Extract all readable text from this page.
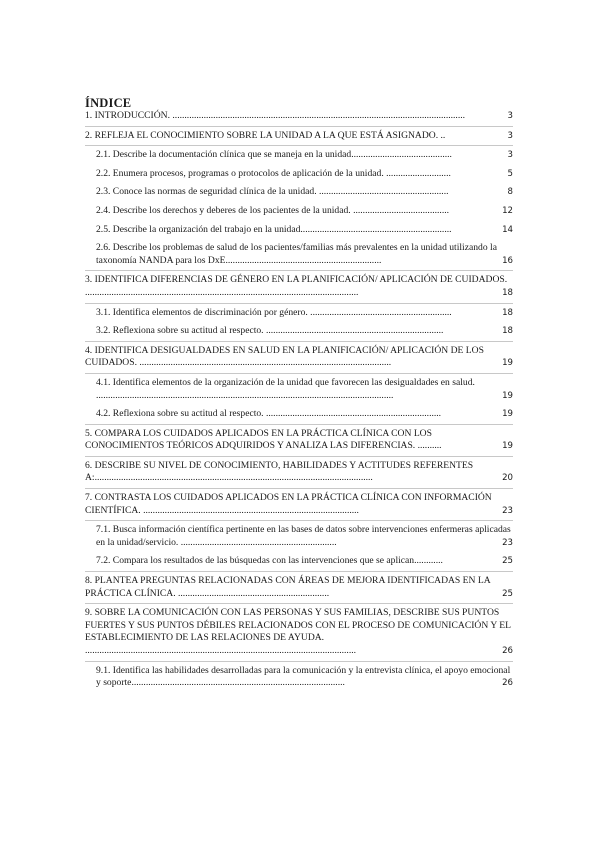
ÍNDICE
1. INTRODUCCIÓN. ..........................................................................................................................	3
2. REFLEJA EL CONOCIMIENTO SOBRE LA UNIDAD A LA QUE ESTÁ ASIGNADO. ..	3
2.1. Describe la documentación clínica que se maneja en la unidad..........................................	3
2.2. Enumera procesos, programas o protocolos de aplicación de la unidad. ...........................	5
2.3. Conoce las normas de seguridad clínica de la unidad. ......................................................	8
2.4. Describe los derechos y deberes de los pacientes de la unidad. ........................................	12
2.5. Describe la organización del trabajo en la unidad...............................................................	14
2.6. Describe los problemas de salud de los pacientes/familias más prevalentes en la unidad utilizando la taxonomía NANDA para los DxE.................................................................	16
3. IDENTIFICA DIFERENCIAS DE GÉNERO EN LA PLANIFICACIÓN/ APLICACIÓN DE CUIDADOS. ..................................................................................................................	18
3.1. Identifica elementos de discriminación por género. ...........................................................	18
3.2. Reflexiona sobre su actitud al respecto. ..........................................................................	18
4. IDENTIFICA DESIGUALDADES EN SALUD EN LA PLANIFICACIÓN/ APLICACIÓN DE LOS CUIDADOS. .........................................................................................................	19
4.1. Identifica elementos de la organización de la unidad que favorecen las desigualdades en salud. ............................................................................................................................	19
4.2. Reflexiona sobre su actitud al respecto. .........................................................................	19
5. COMPARA LOS CUIDADOS APLICADOS EN LA PRÁCTICA CLÍNICA CON LOS CONOCIMIENTOS TEÓRICOS ADQUIRIDOS Y ANALIZA LAS DIFERENCIAS. ..........	19
6. DESCRIBE SU NIVEL DE CONOCIMIENTO, HABILIDADES Y ACTITUDES REFERENTES A:....................................................................................................................	20
7. CONTRASTA LOS CUIDADOS APLICADOS EN LA PRÁCTICA CLÍNICA CON INFORMACIÓN CIENTÍFICA. ..........................................................................................	23
7.1. Busca información científica pertinente en las bases de datos sobre intervenciones enfermeras aplicadas en la unidad/servicio. .................................................................	23
7.2. Compara los resultados de las búsquedas con las intervenciones que se aplican............	25
8. PLANTEA PREGUNTAS RELACIONADAS CON ÁREAS DE MEJORA IDENTIFICADAS EN LA PRÁCTICA CLÍNICA. ...............................................................	25
9. SOBRE LA COMUNICACIÓN CON LAS PERSONAS Y SUS FAMILIAS, DESCRIBE SUS PUNTOS FUERTES Y SUS PUNTOS DÉBILES RELACIONADOS CON EL PROCESO DE COMUNICACIÓN Y EL ESTABLECIMIENTO DE LAS RELACIONES DE AYUDA. .................................................................................................................	26
9.1. Identifica las habilidades desarrolladas para la comunicación y la entrevista clínica, el apoyo emocional y soporte.........................................................................................	26
